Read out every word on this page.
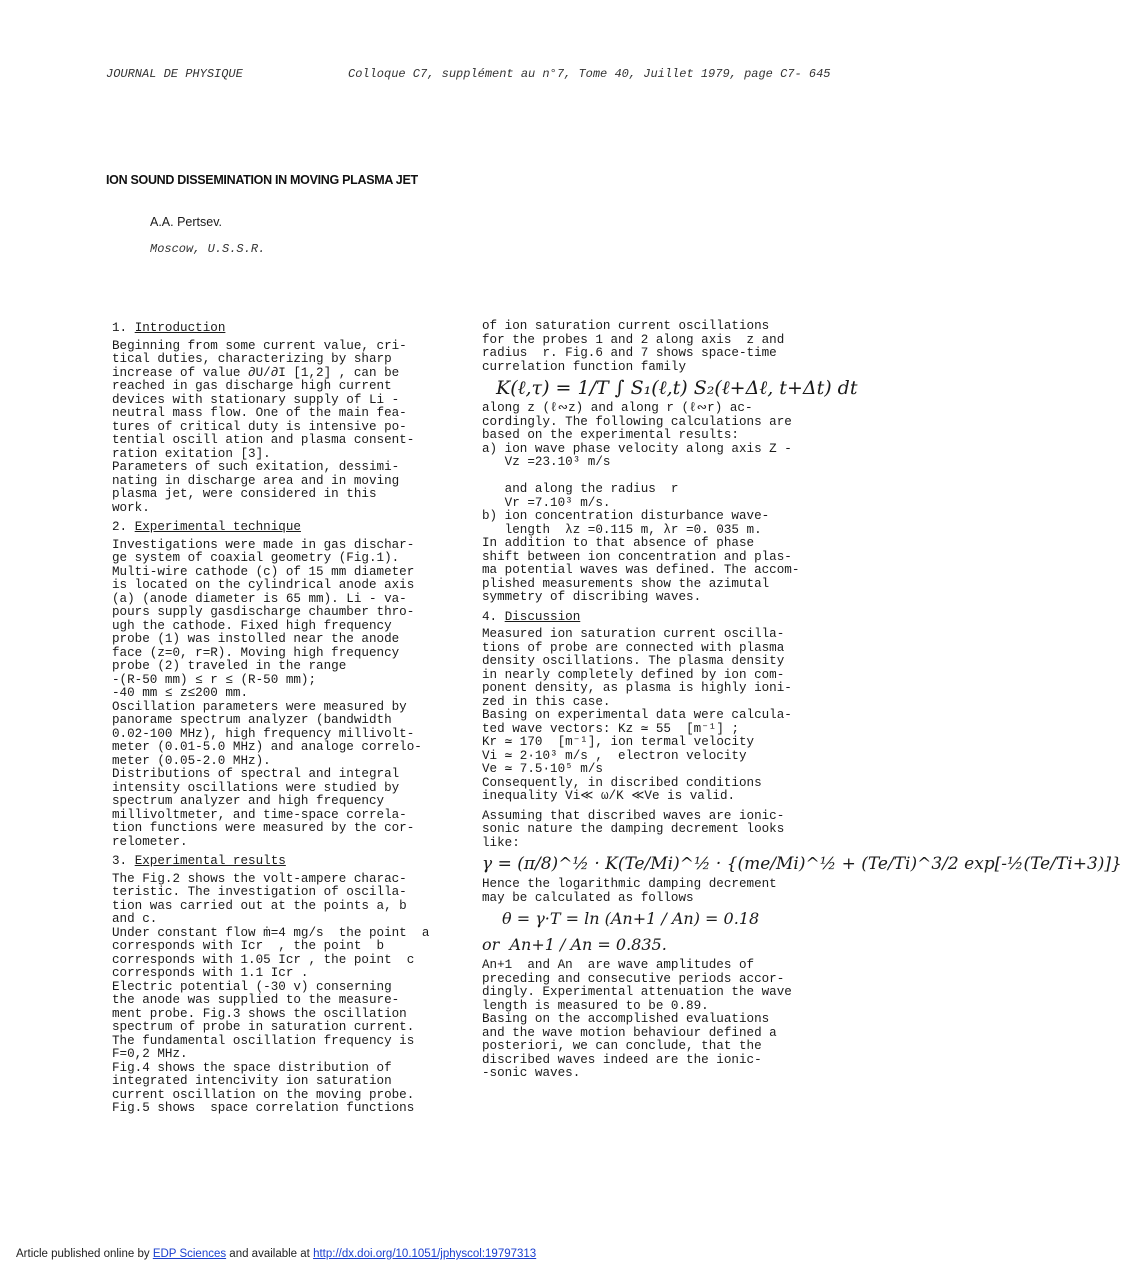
JOURNAL DE PHYSIQUE	Colloque C7, supplément au n°7, Tome 40, Juillet 1979, page C7- 645
ION SOUND DISSEMINATION IN MOVING PLASMA JET
A.A. Pertsev.
Moscow, U.S.S.R.
1. Introduction
Beginning from some current value, cri-
tical duties, characterizing by sharp
increase of value ∂U/∂I [1,2] , can be
reached in gas discharge high current
devices with stationary supply of Li -
neutral mass flow. One of the main fea-
tures of critical duty is intensive po-
tential oscill ation and plasma consent-
ration exitation [3].
Parameters of such exitation, dessimi-
nating in discharge area and in moving
plasma jet, were considered in this
work.
2. Experimental technique
Investigations were made in gas dischar-
ge system of coaxial geometry (Fig.1).
Multi-wire cathode (c) of 15 mm diameter
is located on the cylindrical anode axis
(a) (anode diameter is 65 mm). Li - va-
pours supply gasdischarge chaumber thro-
ugh the cathode. Fixed high frequency
probe (1) was instolled near the anode
face (z=0, r=R). Moving high frequency
probe (2) traveled in the range
-(R-50 mm) ≤ r ≤ (R-50 mm);
-40 mm ≤ z≤200 mm.
Oscillation parameters were measured by
panorame spectrum analyzer (bandwidth
0.02-100 MHz), high frequency millivolt-
meter (0.01-5.0 MHz) and analoge correlo-
meter (0.05-2.0 MHz).
Distributions of spectral and integral
intensity oscillations were studied by
spectrum analyzer and high frequency
millivoltmeter, and time-space correla-
tion functions were measured by the cor-
relometer.
3. Experimental results
The Fig.2 shows the volt-ampere charac-
teristic. The investigation of oscilla-
tion was carried out at the points a, b
and c.
Under constant flow ṁ=4 mg/s  the point  a
corresponds with Icr  , the point  b
corresponds with 1.05 Icr , the point  c
corresponds with 1.1 Icr .
Electric potential (-30 v) conserning
the anode was supplied to the measure-
ment probe. Fig.3 shows the oscillation
spectrum of probe in saturation current.
The fundamental oscillation frequency is
F=0,2 MHz.
Fig.4 shows the space distribution of
integrated intencivity ion saturation
current oscillation on the moving probe.
Fig.5 shows  space correlation functions
of ion saturation current oscillations
for the probes 1 and 2 along axis  z and
radius  r. Fig.6 and 7 shows space-time
currelation function family
K(ℓ,τ) = 1/T ∫ S₁(ℓ,t) S₂(ℓ+Δℓ, t+Δt) dt
along z (ℓ∾z) and along r (ℓ∾r) ac-
cordingly. The following calculations are
based on the experimental results:
a) ion wave phase velocity along axis Z -
Vz =23.10³ m/s

and along the radius  r
Vr =7.10³ m/s.
b) ion concentration disturbance wave-
length  λz =0.115 m, λr =0. 035 m.
In addition to that absence of phase
shift between ion concentration and plas-
ma potential waves was defined. The accom-
plished measurements show the azimutal
symmetry of discribing waves.
4. Discussion
Measured ion saturation current oscilla-
tions of probe are connected with plasma
density oscillations. The plasma density
in nearly completely defined by ion com-
ponent density, as plasma is highly ioni-
zed in this case.
Basing on experimental data were calcula-
ted wave vectors: Kz ≃ 55  [m⁻¹] ;
Kr ≃ 170  [m⁻¹], ion termal velocity
Vi ≃ 2·10³ m/s ,  electron velocity
Ve ≃ 7.5·10⁵ m/s
Consequently, in discribed conditions
inequality Vi≪ ω/K ≪Ve is valid.
Assuming that discribed waves are ionic-
sonic nature the damping decrement looks
like:
γ = (π/8)^½ · K(Te/Mi)^½ · {(me/Mi)^½ + (Te/Ti)^3/2 exp[-½(Te/Ti+3)]}
Hence the logarithmic damping decrement
may be calculated as follows
θ = γ·T = ln (An+1 / An) = 0.18
or  An+1 / An = 0.835.
An+1  and An  are wave amplitudes of
preceding and consecutive periods accor-
dingly. Experimental attenuation the wave
length is measured to be 0.89.
Basing on the accomplished evaluations
and the wave motion behaviour defined a
posteriori, we can conclude, that the
discribed waves indeed are the ionic-
-sonic waves.
Article published online by EDP Sciences and available at http://dx.doi.org/10.1051/jphyscol:19797313
